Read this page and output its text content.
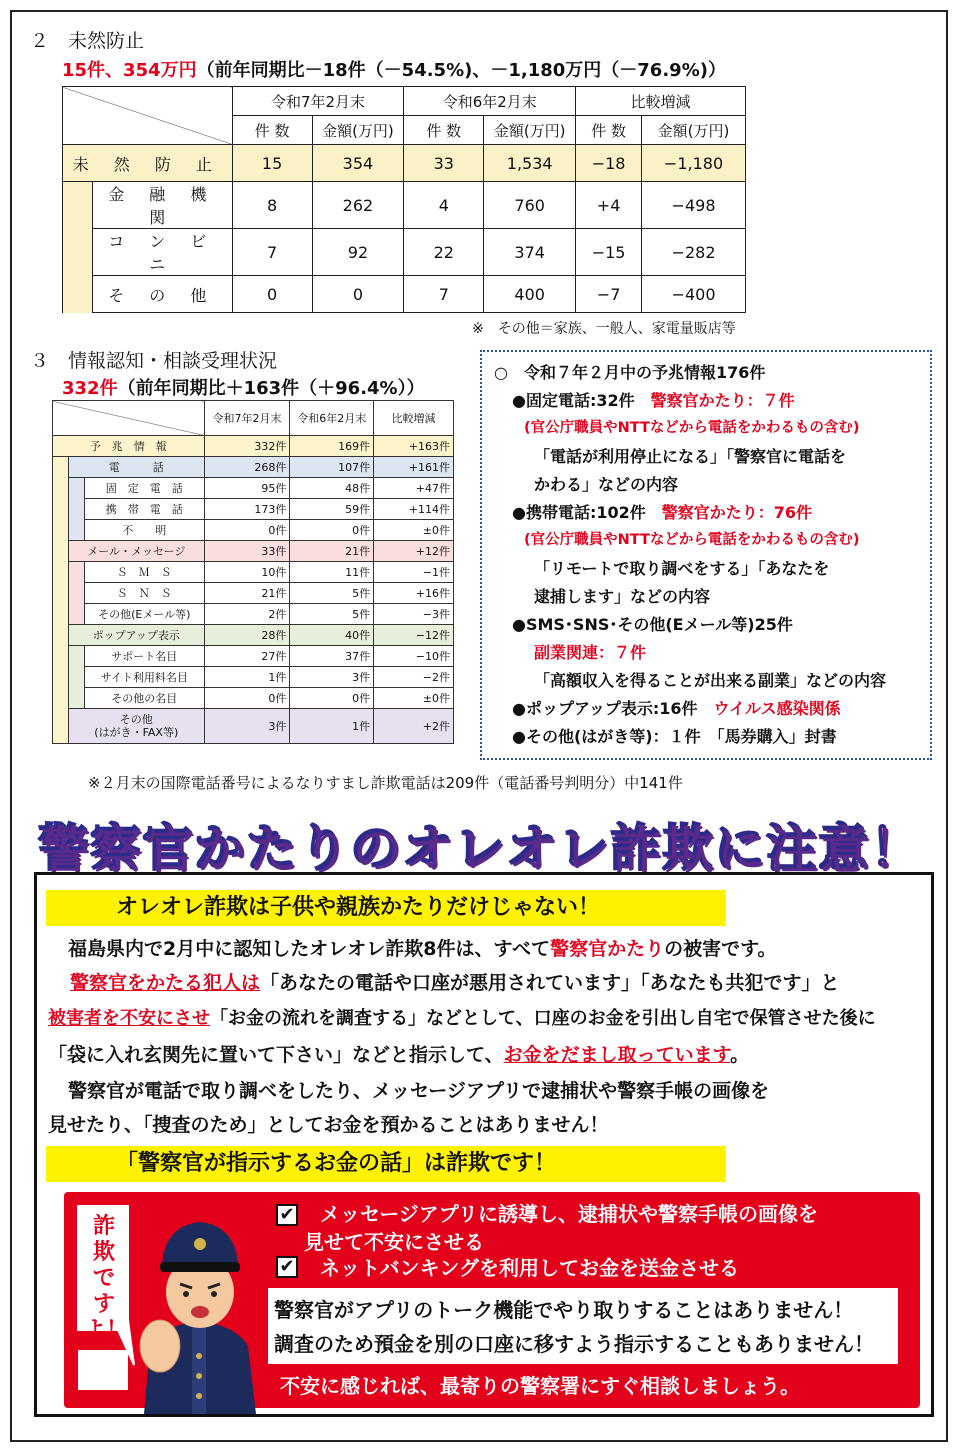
２　未然防止
15件、354万円（前年同期比－18件（－54.5%)、－1,180万円（－76.9%)）
		令和7年2月末		令和6年2月末		比較増減	
		件 数	金額(万円)	件 数	金額(万円)	件 数	金額(万円)
未 然 防 止		15	354	33	1,534	−18	−1,180
	金 融 機 関	8	262	4	760	+4	−498
	コ ン ビ ニ	7	92	22	374	−15	−282
	そ の 他	0	0	7	400	−7	−400
※　その他＝家族、一般人、家電量販店等
３　情報認知・相談受理状況
332件（前年同期比＋163件（＋96.4%））
			令和7年2月末	令和6年2月末	比較増減
予　兆　情　報			332件	169件	+163件
	電　　　話		268件	107件	+161件
		固　定　電　話	95件	48件	+47件
		携　帯　電　話	173件	59件	+114件
		不　　明	0件	0件	±0件
	メール・メッセージ		33件	21件	+12件
		Ｓ　Ｍ　Ｓ	10件	11件	−1件
		Ｓ　Ｎ　Ｓ	21件	5件	+16件
		その他(Eメール等)	2件	5件	−3件
	ポップアップ表示		28件	40件	−12件
		サポート名目	27件	37件	−10件
		サイト利用料名目	1件	3件	−2件
		その他の名目	0件	0件	±0件
	その他
(はがき・FAX等)		3件	1件	+2件
○　令和７年２月中の予兆情報176件
●固定電話:32件　 警察官かたり：７件
(官公庁職員やNTTなどから電話をかわるもの含む)
「電話が利用停止になる」「警察官に電話を
かわる」などの内容
●携帯電話:102件　 警察官かたり：76件
(官公庁職員やNTTなどから電話をかわるもの含む)
「リモートで取り調べをする」「あなたを
逮捕します」などの内容
●SMS･SNS･その他(Eメール等)25件
副業関連：７件
「高額収入を得ることが出来る副業」などの内容
●ポップアップ表示:16件　 ウイルス感染関係
●その他(はがき等)：１件　「馬券購入」封書
※２月末の国際電話番号によるなりすまし詐欺電話は209件（電話番号判明分）中141件
警察官かたりのオレオレ詐欺に注意！
オレオレ詐欺は子供や親族かたりだけじゃない！
福島県内で2月中に認知したオレオレ詐欺8件は、すべて警察官かたりの被害です。
警察官をかたる犯人は「あなたの電話や口座が悪用されています」「あなたも共犯です」と
被害者を不安にさせ「お金の流れを調査する」などとして、口座のお金を引出し自宅で保管させた後に
「袋に入れ玄関先に置いて下さい」などと指示して、お金をだまし取っています。
警察官が電話で取り調べをしたり、メッセージアプリで逮捕状や警察手帳の画像を
見せたり、「捜査のため」としてお金を預かることはありません！
「警察官が指示するお金の話」は詐欺です！
詐欺ですよ！
✔ メッセージアプリに誘導し、逮捕状や警察手帳の画像を
見せて不安にさせる
✔ ネットバンキングを利用してお金を送金させる
警察官がアプリのトーク機能でやり取りすることはありません！
調査のため預金を別の口座に移すよう指示することもありません！
不安に感じれば、最寄りの警察署にすぐ相談しましょう。
